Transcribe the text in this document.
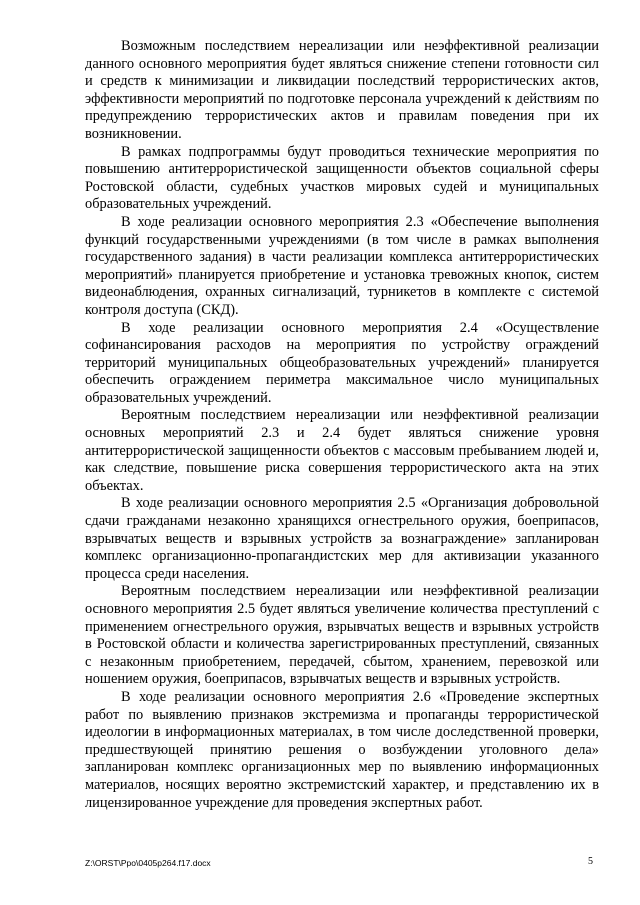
Возможным последствием нереализации или неэффективной реализации данного основного мероприятия будет являться снижение степени готовности сил и средств к минимизации и ликвидации последствий террористических актов, эффективности мероприятий по подготовке персонала учреждений к действиям по предупреждению террористических актов и правилам поведения при их возникновении.

В рамках подпрограммы будут проводиться технические мероприятия по повышению антитеррористической защищенности объектов социальной сферы Ростовской области, судебных участков мировых судей и муниципальных образовательных учреждений.

В ходе реализации основного мероприятия 2.3 «Обеспечение выполнения функций государственными учреждениями (в том числе в рамках выполнения государственного задания) в части реализации комплекса антитеррористических мероприятий» планируется приобретение и установка тревожных кнопок, систем видеонаблюдения, охранных сигнализаций, турникетов в комплекте с системой контроля доступа (СКД).

В ходе реализации основного мероприятия 2.4 «Осуществление софинансирования расходов на мероприятия по устройству ограждений территорий муниципальных общеобразовательных учреждений» планируется обеспечить ограждением периметра максимальное число муниципальных образовательных учреждений.

Вероятным последствием нереализации или неэффективной реализации основных мероприятий 2.3 и 2.4 будет являться снижение уровня антитеррористической защищенности объектов с массовым пребыванием людей и, как следствие, повышение риска совершения террористического акта на этих объектах.

В ходе реализации основного мероприятия 2.5 «Организация добровольной сдачи гражданами незаконно хранящихся огнестрельного оружия, боеприпасов, взрывчатых веществ и взрывных устройств за вознаграждение» запланирован комплекс организационно-пропагандистских мер для активизации указанного процесса среди населения.

Вероятным последствием нереализации или неэффективной реализации основного мероприятия 2.5 будет являться увеличение количества преступлений с применением огнестрельного оружия, взрывчатых веществ и взрывных устройств в Ростовской области и количества зарегистрированных преступлений, связанных с незаконным приобретением, передачей, сбытом, хранением, перевозкой или ношением оружия, боеприпасов, взрывчатых веществ и взрывных устройств.

В ходе реализации основного мероприятия 2.6 «Проведение экспертных работ по выявлению признаков экстремизма и пропаганды террористической идеологии в информационных материалах, в том числе доследственной проверки, предшествующей принятию решения о возбуждении уголовного дела» запланирован комплекс организационных мер по выявлению информационных материалов, носящих вероятно экстремистский характер, и представлению их в лицензированное учреждение для проведения экспертных работ.

Z:\ORST\Ppo\0405p264.f17.docx	5
